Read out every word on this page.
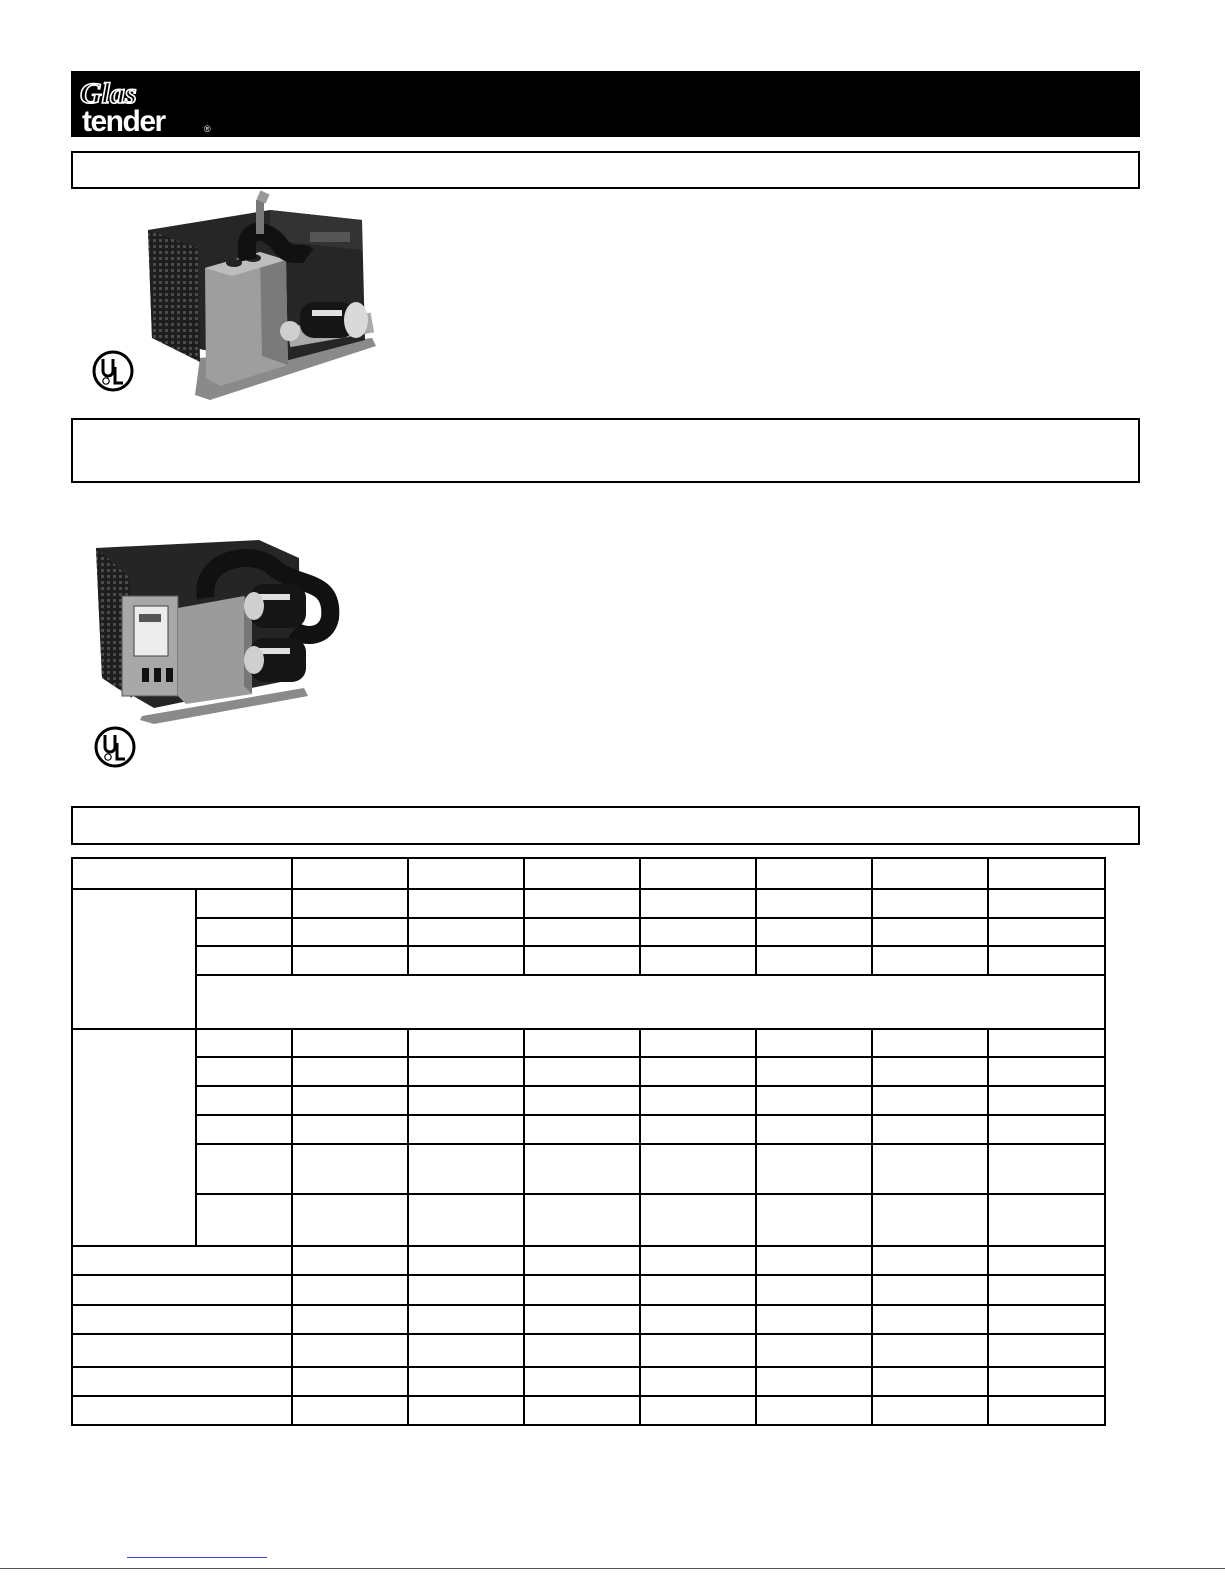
Glas
tender	®
